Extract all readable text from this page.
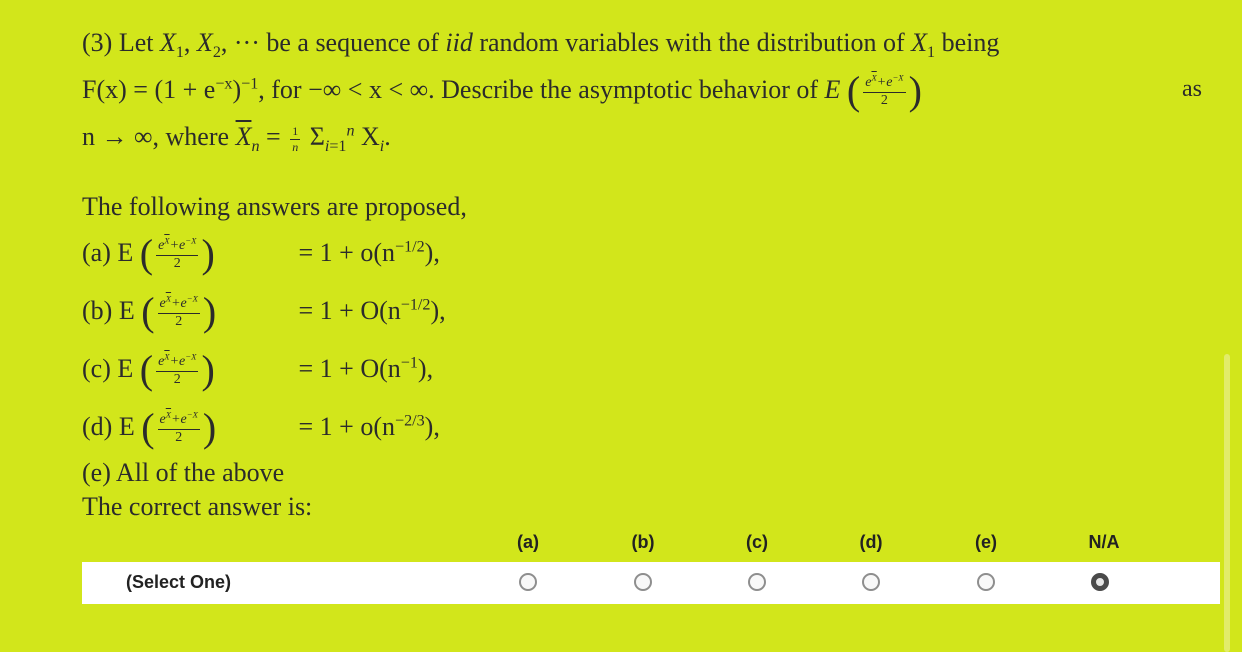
(3) Let $X_1$, $X_2$, ··· be a sequence of iid random variables with the distribution of $X_1$ being
$F(x) = (1 + e^{-x})^{-1}$, for −∞ < x < ∞. Describe the asymptotic behavior of E ( $\frac{e^{\overline{X}}+e^{-X}}{2}$ )	as
n → ∞, where $\overline{X}_n = \frac{1}{n} \Sigma_{i=1}^n$ $X_i$.
The following answers are proposed,
(a) E ( $\frac{e^{\overline{X}}+e^{-X}}{2}$ )	= $1 + o(n^{-1/2})$,
(b) E ( $\frac{e^{\overline{X}}+e^{-X}}{2}$ )	= $1 + O(n^{-1/2})$,
(c) E ( $\frac{e^{\overline{X}}+e^{-X}}{2}$ )	= $1 + O(n^{-1})$,
(d) E ( $\frac{e^{\overline{X}}+e^{-X}}{2}$ )	= $1 + o(n^{-2/3})$,
(e) All of the above
The correct answer is:
(a)	(b)	(c)	(d)	(e)	N/A
(Select One)
